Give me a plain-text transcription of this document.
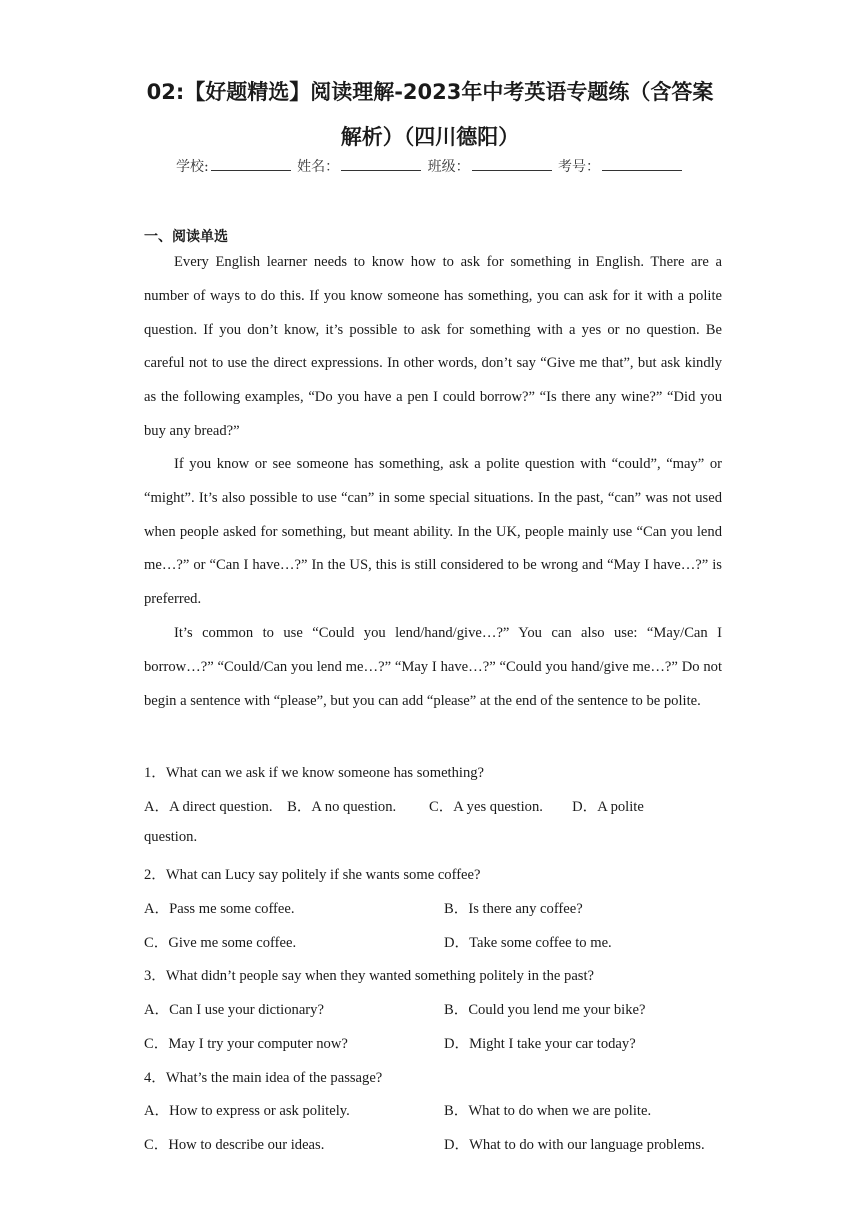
02:【好题精选】阅读理解-2023年中考英语专题练（含答案
解析）（四川德阳）
学校:	姓名：	班级：	考号：
一、阅读单选

Every English learner needs to know how to ask for something in English. There are a number of ways to do this. If you know someone has something, you can ask for it with a polite question. If you don’t know, it’s possible to ask for something with a yes or no question. Be careful not to use the direct expressions. In other words, don’t say “Give me that”, but ask kindly as the following examples, “Do you have a pen I could borrow?” “Is there any wine?” “Did you buy any bread?”

If you know or see someone has something, ask a polite question with “could”, “may” or “might”. It’s also possible to use “can” in some special situations. In the past, “can” was not used when people asked for something, but meant ability. In the UK, people mainly use “Can you lend me…?” or “Can I have…?” In the US, this is still considered to be wrong and “May I have…?” is preferred.

It’s common to use “Could you lend/hand/give…?” You can also use: “May/Can I borrow…?” “Could/Can you lend me…?” “May I have…?” “Could you hand/give me…?” Do not begin a sentence with “please”, but you can add “please” at the end of the sentence to be polite.

1．What can we ask if we know someone has something?
A．A direct question.    B．A no question.         C．A yes question.        D．A polite
question.
2．What can Lucy say politely if she wants some coffee?
A．Pass me some coffee.	B．Is there any coffee?
C．Give me some coffee.	D．Take some coffee to me.
3．What didn’t people say when they wanted something politely in the past?
A．Can I use your dictionary?	B．Could you lend me your bike?
C．May I try your computer now?	D．Might I take your car today?
4．What’s the main idea of the passage?
A．How to express or ask politely.	B．What to do when we are polite.
C．How to describe our ideas.	D．What to do with our language problems.
